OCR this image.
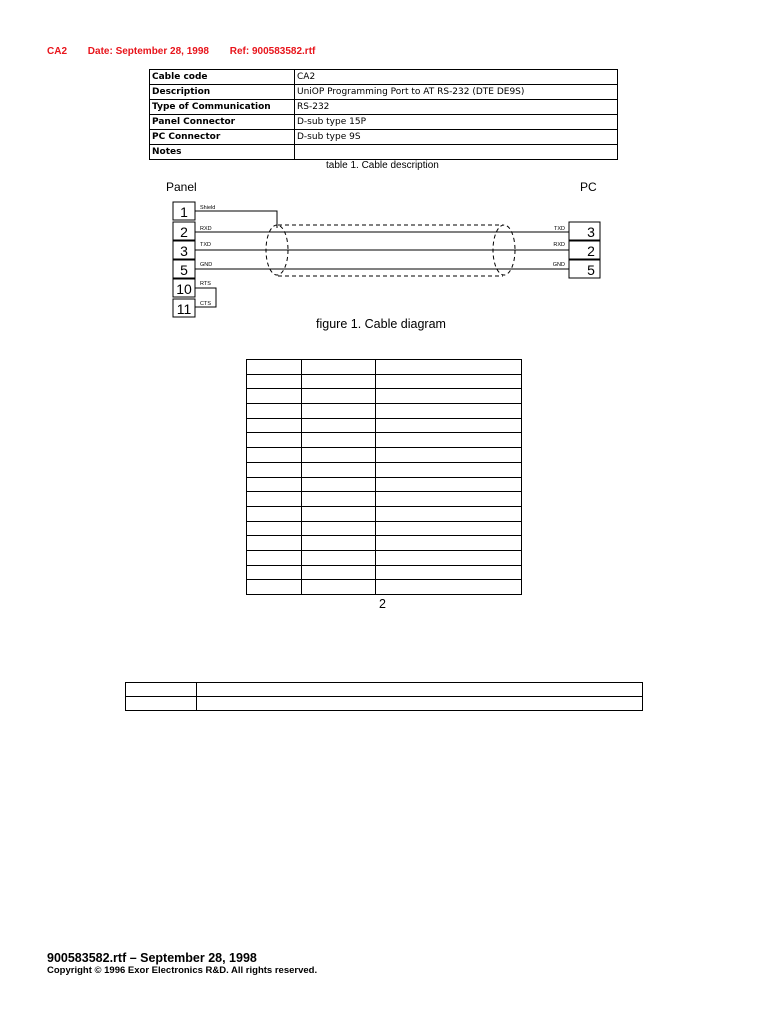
CA2 Date: September 28, 1998 Ref: 900583582.rtf
Cable code	CA2
Description	UniOP Programming Port to AT RS-232 (DTE DE9S)
Type of Communication	RS-232
Panel Connector	D-sub type 15P
PC Connector	D-sub type 9S
Notes	
table 1. Cable description
Panel	PC
1
2
3
5
10
11
Shield
RXD
TXD
GND
RTS
CTS
3
2
5
TXD
RXD
GND
figure 1. Cable diagram

2

900583582.rtf – September 28, 1998
Copyright © 1996 Exor Electronics R&D. All rights reserved.
